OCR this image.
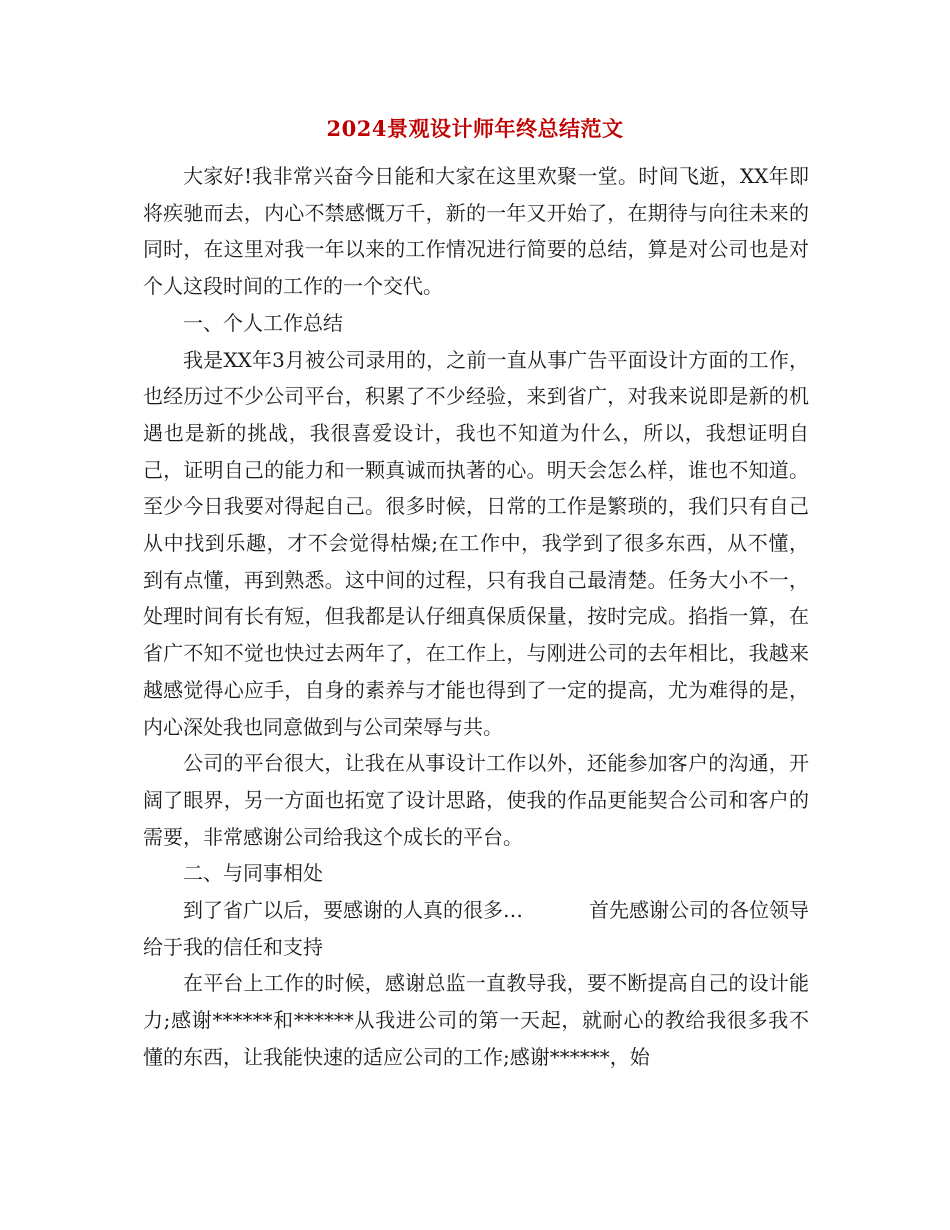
2024景观设计师年终总结范文

大家好!我非常兴奋今日能和大家在这里欢聚一堂。时间飞逝，XX年即将疾驰而去，内心不禁感慨万千，新的一年又开始了，在期待与向往未来的同时，在这里对我一年以来的工作情况进行简要的总结，算是对公司也是对个人这段时间的工作的一个交代。

一、个人工作总结

我是XX年3月被公司录用的，之前一直从事广告平面设计方面的工作，也经历过不少公司平台，积累了不少经验，来到省广，对我来说即是新的机遇也是新的挑战，我很喜爱设计，我也不知道为什么，所以，我想证明自己，证明自己的能力和一颗真诚而执著的心。明天会怎么样，谁也不知道。至少今日我要对得起自己。很多时候，日常的工作是繁琐的，我们只有自己从中找到乐趣，才不会觉得枯燥;在工作中，我学到了很多东西，从不懂，到有点懂，再到熟悉。这中间的过程，只有我自己最清楚。任务大小不一，处理时间有长有短，但我都是认仔细真保质保量，按时完成。掐指一算，在省广不知不觉也快过去两年了，在工作上，与刚进公司的去年相比，我越来越感觉得心应手，自身的素养与才能也得到了一定的提高，尤为难得的是，内心深处我也同意做到与公司荣辱与共。

公司的平台很大，让我在从事设计工作以外，还能参加客户的沟通，开阔了眼界，另一方面也拓宽了设计思路，使我的作品更能契合公司和客户的需要，非常感谢公司给我这个成长的平台。

二、与同事相处

到了省广以后，要感谢的人真的很多…	首先感谢公司的各位领导给于我的信任和支持

在平台上工作的时候，感谢总监一直教导我，要不断提高自己的设计能力;感谢******和******从我进公司的第一天起，就耐心的教给我很多我不懂的东西，让我能快速的适应公司的工作;感谢******，始
